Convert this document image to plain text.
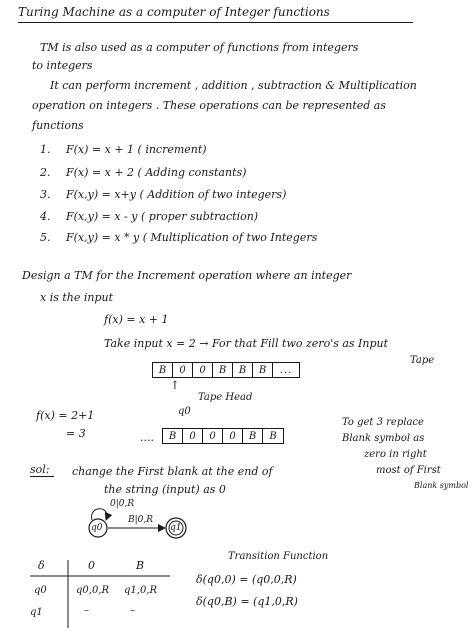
Turing Machine as a computer of Integer functions
TM is also used as a computer of functions from integers
to integers
It can perform increment , addition , subtraction & Multiplication
operation on integers . These operations can be represented as
functions
1. F(x) = x + 1 ( increment)
2. F(x) = x + 2 ( Adding constants)
3. F(x,y) = x+y ( Addition of two integers)
4. F(x,y) = x - y ( proper subtraction)
5. F(x,y) = x * y ( Multiplication of two Integers
Design a TM for the Increment operation where an integer
x is the input
f(x) = x + 1
Take input x = 2 → For that Fill two zero's as Input
Tape
B	0	0	B	B	B	...
↑
Tape Head
q0
f(x) = 2+1
= 3	....	B	0	0	0	B	B
To get 3 replace
Blank symbol as
zero in right
most of First
Blank symbol
sol: change the First blank at the end of
the string (input) as 0
q0	q1
0|0,R
B|0,R
δ	0	B
q0	q0,0,R q1,0,R
q1	–	–
Transition Function
δ(q0,0) = (q0,0,R)
δ(q0,B) = (q1,0,R)
